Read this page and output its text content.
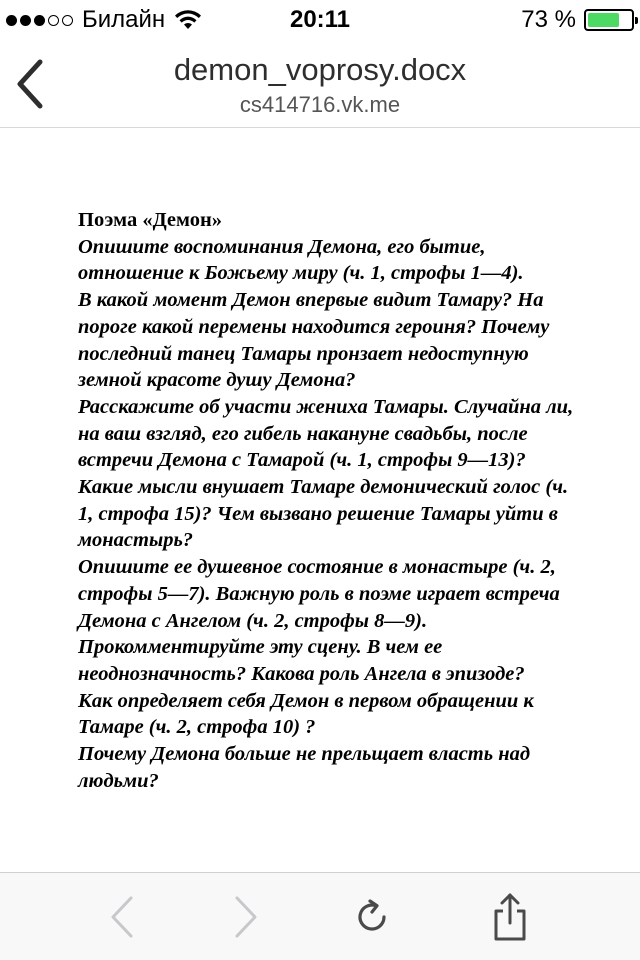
Билайн	20:11	73 %
demon_voprosy.docx
cs414716.vk.me
Поэма «Демон»
Опишите воспоминания Демона, его бытие, отношение к Божьему миру (ч. 1, строфы 1—4).
В какой момент Демон впервые видит Тамару? На пороге какой перемены находится героиня? Почему последний танец Тамары пронзает недоступную земной красоте душу Демона?
Расскажите об участи жениха Тамары. Случайна ли, на ваш взгляд, его гибель накануне свадьбы, после встречи Демона с Тамарой (ч. 1, строфы 9—13)?
Какие мысли внушает Тамаре демонический голос (ч. 1, строфа 15)? Чем вызвано решение Тамары уйти в монастырь?
Опишите ее душевное состояние в монастыре (ч. 2, строфы 5—7). Важную роль в поэме играет встреча Демона с Ангелом (ч. 2, строфы 8—9). Прокомментируйте эту сцену. В чем ее неоднозначность? Какова роль Ангела в эпизоде?
Как определяет себя Демон в первом обращении к Тамаре (ч. 2, строфа 10) ?
Почему Демона больше не прельщает власть над людьми?
